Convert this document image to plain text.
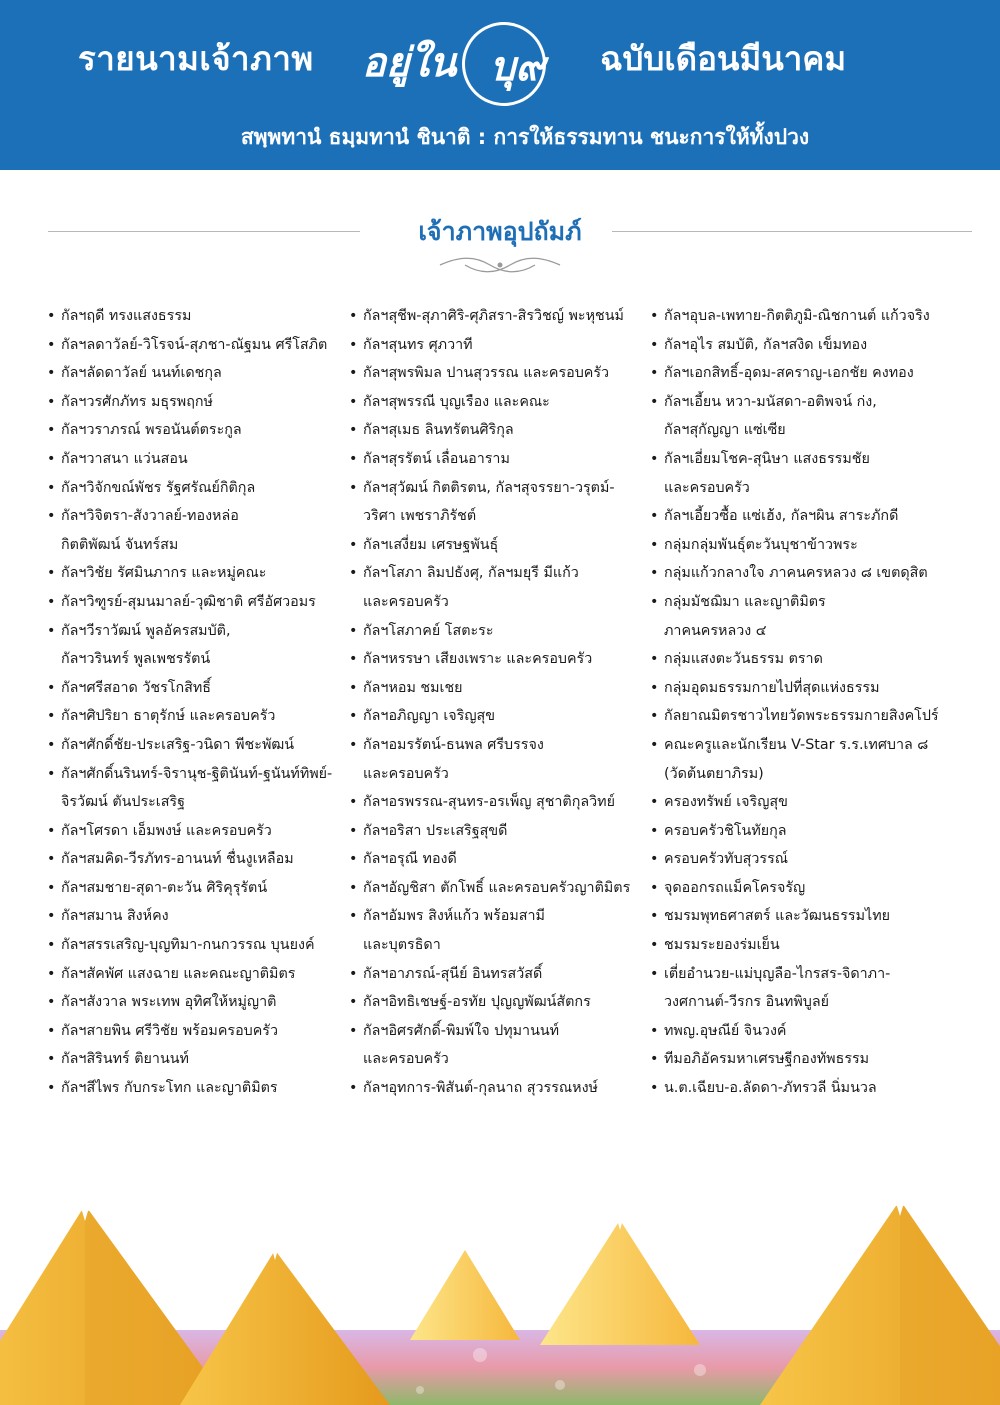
รายนามเจ้าภาพ อยู่ใน บุ๙ ฉบับเดือนมีนาคม
สพฺพทานํ ธมฺมทานํ ชินาติ : การให้ธรรมทาน ชนะการให้ทั้งปวง
เจ้าภาพอุปถัมภ์
• กัลฯฤดี ทรงแสงธรรม
• กัลฯลดาวัลย์-วิโรจน์-สุภชา-ณัฐมน ศรีโสภิต
• กัลฯลัดดาวัลย์ นนท์เดชกุล
• กัลฯวรศักภัทร มธุรพฤกษ์
• กัลฯวราภรณ์ พรอนันต์ตระกูล
• กัลฯวาสนา แว่นสอน
• กัลฯวิจักขณ์พัชร รัฐศรัณย์กิติกุล
• กัลฯวิจิตรา-สังวาลย์-ทองหล่อ
กิตติพัฒน์ จันทร์สม
• กัลฯวิชัย รัศมินภากร และหมู่คณะ
• กัลฯวิฑูรย์-สุมนมาลย์-วุฒิชาติ ศรีอัศวอมร
• กัลฯวีราวัฒน์ พูลอัครสมบัติ,
กัลฯวรินทร์ พูลเพชรรัตน์
• กัลฯศรีสอาด วัชรโกสิทธิ์
• กัลฯศิปริยา ธาตุรักษ์ และครอบครัว
• กัลฯศักดิ์ชัย-ประเสริฐ-วนิดา พีชะพัฒน์
• กัลฯศักดิ์นรินทร์-จิรานุช-ฐิตินันท์-ฐนันท์ทิพย์-
จิรวัฒน์ ตันประเสริฐ
• กัลฯโศรดา เอ็มพงษ์ และครอบครัว
• กัลฯสมคิด-วีรภัทร-อานนท์ ชื่นงูเหลือม
• กัลฯสมชาย-สุดา-ตะวัน ศิริคุรุรัตน์
• กัลฯสมาน สิงห์คง
• กัลฯสรรเสริญ-บุญทิมา-กนกวรรณ บุนยงค์
• กัลฯสัคพัศ แสงฉาย และคณะญาติมิตร
• กัลฯสังวาล พระเทพ อุทิศให้หมู่ญาติ
• กัลฯสายพิน ศรีวิชัย พร้อมครอบครัว
• กัลฯสิรินทร์ ติยานนท์
• กัลฯสีไพร กับกระโทก และญาติมิตร
• กัลฯสุชีพ-สุภาศิริ-ศุภิสรา-สิรวิชญ์ พะหุชนม์
• กัลฯสุนทร ศุภวาที
• กัลฯสุพรพิมล ปานสุวรรณ และครอบครัว
• กัลฯสุพรรณี บุญเรือง และคณะ
• กัลฯสุเมธ ลินทรัตนศิริกุล
• กัลฯสุรรัตน์ เลื่อนอาราม
• กัลฯสุวัฒน์ กิตติรตน, กัลฯสุจรรยา-วรุตม์-
วริศา เพชราภิรัชต์
• กัลฯเสงี่ยม เศรษฐพันธุ์
• กัลฯโสภา ลิมปธังศุ, กัลฯมยุรี มีแก้ว
และครอบครัว
• กัลฯโสภาคย์ โสตะระ
• กัลฯหรรษา เสียงเพราะ และครอบครัว
• กัลฯหอม ชมเชย
• กัลฯอภิญญา เจริญสุข
• กัลฯอมรรัตน์-ธนพล ศรีบรรจง
และครอบครัว
• กัลฯอรพรรณ-สุนทร-อรเพ็ญ สุชาติกุลวิทย์
• กัลฯอริสา ประเสริฐสุขดี
• กัลฯอรุณี ทองดี
• กัลฯอัญชิสา ตักโพธิ์ และครอบครัวญาติมิตร
• กัลฯอัมพร สิงห์แก้ว พร้อมสามี
และบุตรธิดา
• กัลฯอาภรณ์-สุนีย์ อินทรสวัสดิ์
• กัลฯอิทธิเชษฐ์-อรทัย ปุญญพัฒน์สัตกร
• กัลฯอิศรศักดิ์-พิมพ์ใจ ปทุมานนท์
และครอบครัว
• กัลฯอุทการ-พิสันต์-กุลนาถ สุวรรณหงษ์
• กัลฯอุบล-เพทาย-กิตติภูมิ-ณิชกานต์ แก้วจริง
• กัลฯอุไร สมบัติ, กัลฯสงิด เข็มทอง
• กัลฯเอกสิทธิ์-อุดม-สคราญ-เอกชัย คงทอง
• กัลฯเอี้ยน หวา-มนัสดา-อติพจน์ ก่ง,
กัลฯสุกัญญา แซ่เซีย
• กัลฯเอี่ยมโชค-สุนิษา แสงธรรมชัย
และครอบครัว
• กัลฯเอี้ยวซื้อ แซ่เฮ้ง, กัลฯผิน สาระภักดี
• กลุ่มกลุ่มพันธุ์ตะวันบุชาข้าวพระ
• กลุ่มแก้วกลางใจ ภาคนครหลวง ๘ เขตดุสิต
• กลุ่มมัชฌิมา และญาติมิตร
ภาคนครหลวง ๔
• กลุ่มแสงตะวันธรรม ตราด
• กลุ่มอุดมธรรมกายไปที่สุดแห่งธรรม
• กัลยาณมิตรชาวไทยวัดพระธรรมกายสิงคโปร์
• คณะครูและนักเรียน V-Star ร.ร.เทศบาล ๘
(วัดต้นตยาภิรม)
• ครองทรัพย์ เจริญสุข
• ครอบครัวชิโนทัยกุล
• ครอบครัวทับสุวรรณ์
• จุดออกรถแม็คโครจรัญ
• ชมรมพุทธศาสตร์ และวัฒนธรรมไทย
• ชมรมระยองร่มเย็น
• เตี่ยอำนวย-แม่บุญลือ-ไกรสร-จิดาภา-
วงศกานต์-วีรกร อินทพิบูลย์
• ทพญ.อุษณีย์ จินวงค์
• ทีมอภิอัครมหาเศรษฐีกองทัพธรรม
• น.ต.เฉียบ-อ.ลัดดา-ภัทรวลี นิ่มนวล
